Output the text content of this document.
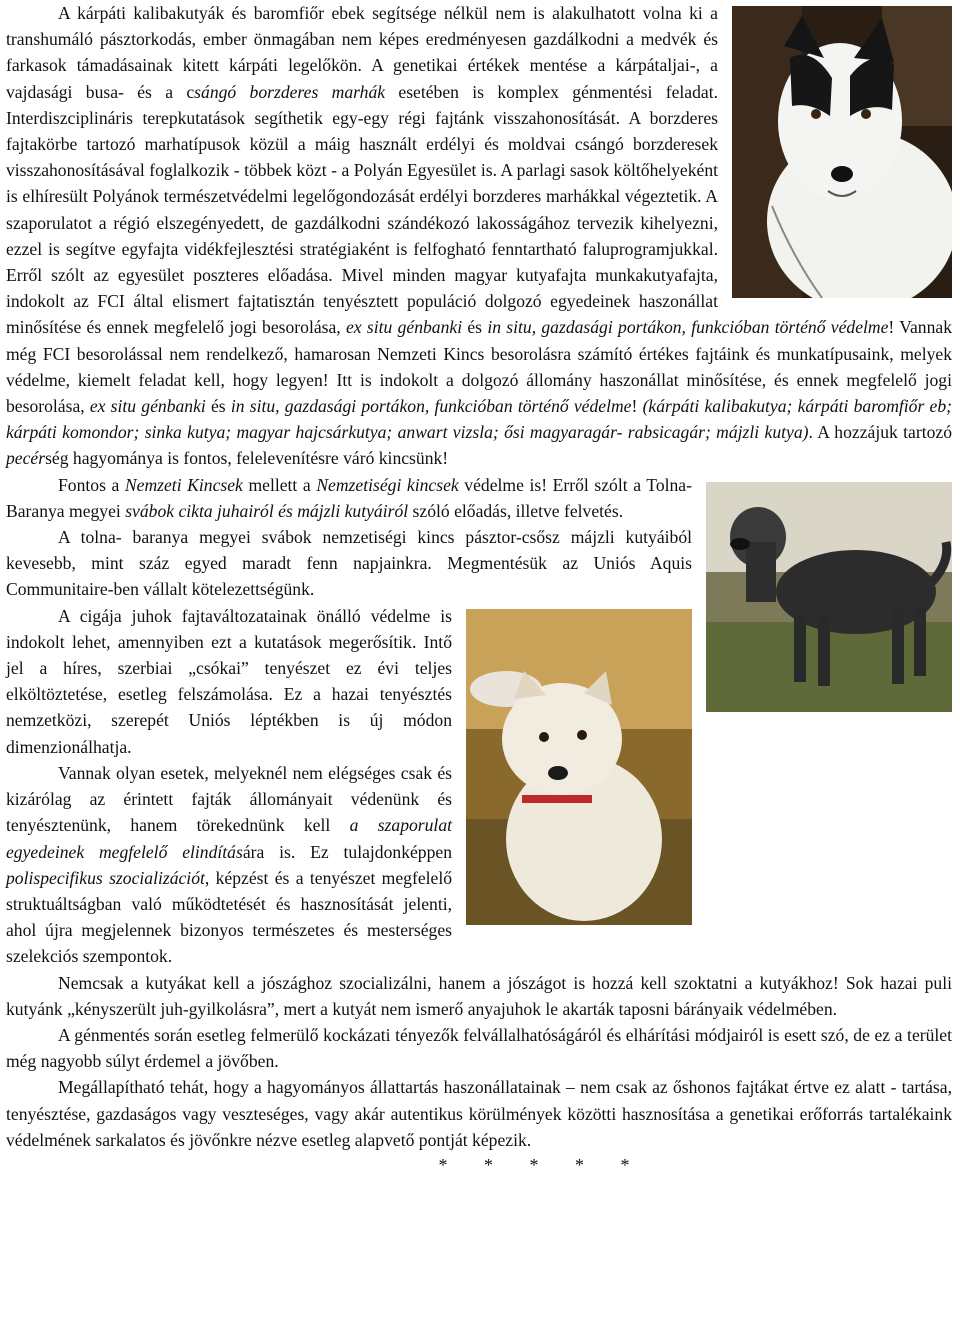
A kárpáti kalibakutyák és baromfiőr ebek segítsége nélkül nem is alakulhatott volna ki a transhumáló pásztorkodás, ember önmagában nem képes eredményesen gazdálkodni a medvék és farkasok támadásainak kitett kárpáti legelőkön. A genetikai értékek mentése a kárpátaljai-, a vajdasági busa- és a csángó borzderes marhák esetében is komplex génmentési feladat. Interdiszciplináris terepkutatások segíthetik egy-egy régi fajtánk visszahonosítását. A borzderes fajtakörbe tartozó marhatípusok közül a máig használt erdélyi és moldvai csángó borzderesek visszahonosításával foglalkozik - többek közt - a Polyán Egyesület is. A parlagi sasok költőhelyeként is elhíresült Polyánok természetvédelmi legelőgondozását erdélyi borzderes marhákkal végeztetik. A szaporulatot a régió elszegényedett, de gazdálkodni szándékozó lakosságához tervezik kihelyezni, ezzel is segítve egyfajta vidékfejlesztési stratégiaként is felfogható fenntartható faluprogramjukkal. Erről szólt az egyesület poszteres előadása. Mivel minden magyar kutyafajta munkakutyafajta, indokolt az FCI által elismert fajtatisztán tenyésztett populáció dolgozó egyedeinek haszonállat minősítése és ennek megfelelő jogi besorolása, ex situ génbanki és in situ, gazdasági portákon, funkcióban történő védelme! Vannak még FCI besorolással nem rendelkező, hamarosan Nemzeti Kincs besorolásra számító értékes fajtáink és munkatípusaink, melyek védelme, kiemelt feladat kell, hogy legyen! Itt is indokolt a dolgozó állomány haszonállat minősítése, és ennek megfelelő jogi besorolása, ex situ génbanki és in situ, gazdasági portákon, funkcióban történő védelme! (kárpáti kalibakutya; kárpáti baromfiőr eb; kárpáti komondor; sinka kutya; magyar hajcsárkutya; anwart vizsla; ősi magyaragár- rabsicagár; májzli kutya). A hozzájuk tartozó pecérség hagyománya is fontos, felelevenítésre váró kincsünk!

Fontos a Nemzeti Kincsek mellett a Nemzetiségi kincsek védelme is! Erről szólt a Tolna- Baranya megyei svábok cikta juhairól és májzli kutyáiról szóló előadás, illetve felvetés.

A tolna- baranya megyei svábok nemzetiségi kincs pásztor-csősz májzli kutyáiból kevesebb, mint száz egyed maradt fenn napjainkra. Megmentésük az Uniós Aquis Communitaire-ben vállalt kötelezettségünk.

A cigája juhok fajtaváltozatainak önálló védelme is indokolt lehet, amennyiben ezt a kutatások megerősítik. Intő jel a híres, szerbiai „csókai” tenyészet ez évi teljes elköltöztetése, esetleg felszámolása. Ez a hazai tenyésztés nemzetközi, szerepét Uniós léptékben is új módon dimenzionálhatja.

Vannak olyan esetek, melyeknél nem elégséges csak és kizárólag az érintett fajták állományait védenünk és tenyésztenünk, hanem törekednünk kell a szaporulat egyedeinek megfelelő elindítására is. Ez tulajdonképpen polispecifikus szocializációt, képzést és a tenyészet megfelelő struktuáltságban való működtetését és hasznosítását jelenti, ahol újra megjelennek bizonyos természetes és mesterséges szelekciós szempontok.

Nemcsak a kutyákat kell a jószághoz szocializálni, hanem a jószágot is hozzá kell szoktatni a kutyákhoz! Sok hazai puli kutyánk „kényszerült juh-gyilkolásra”, mert a kutyát nem ismerő anyajuhok le akarták taposni bárányaik védelmében.

A génmentés során esetleg felmerülő kockázati tényezők felvállalhatóságáról és elhárítási módjairól is esett szó, de ez a terület még nagyobb súlyt érdemel a jövőben.

Megállapítható tehát, hogy a hagyományos állattartás haszonállatainak – nem csak az őshonos fajtákat értve ez alatt - tartása, tenyésztése, gazdaságos vagy veszteséges, vagy akár autentikus körülmények közötti hasznosítása a genetikai erőforrás tartalékaink védelmének sarkalatos és jövőnkre nézve esetleg alapvető pontját képezik.

* * * * *
